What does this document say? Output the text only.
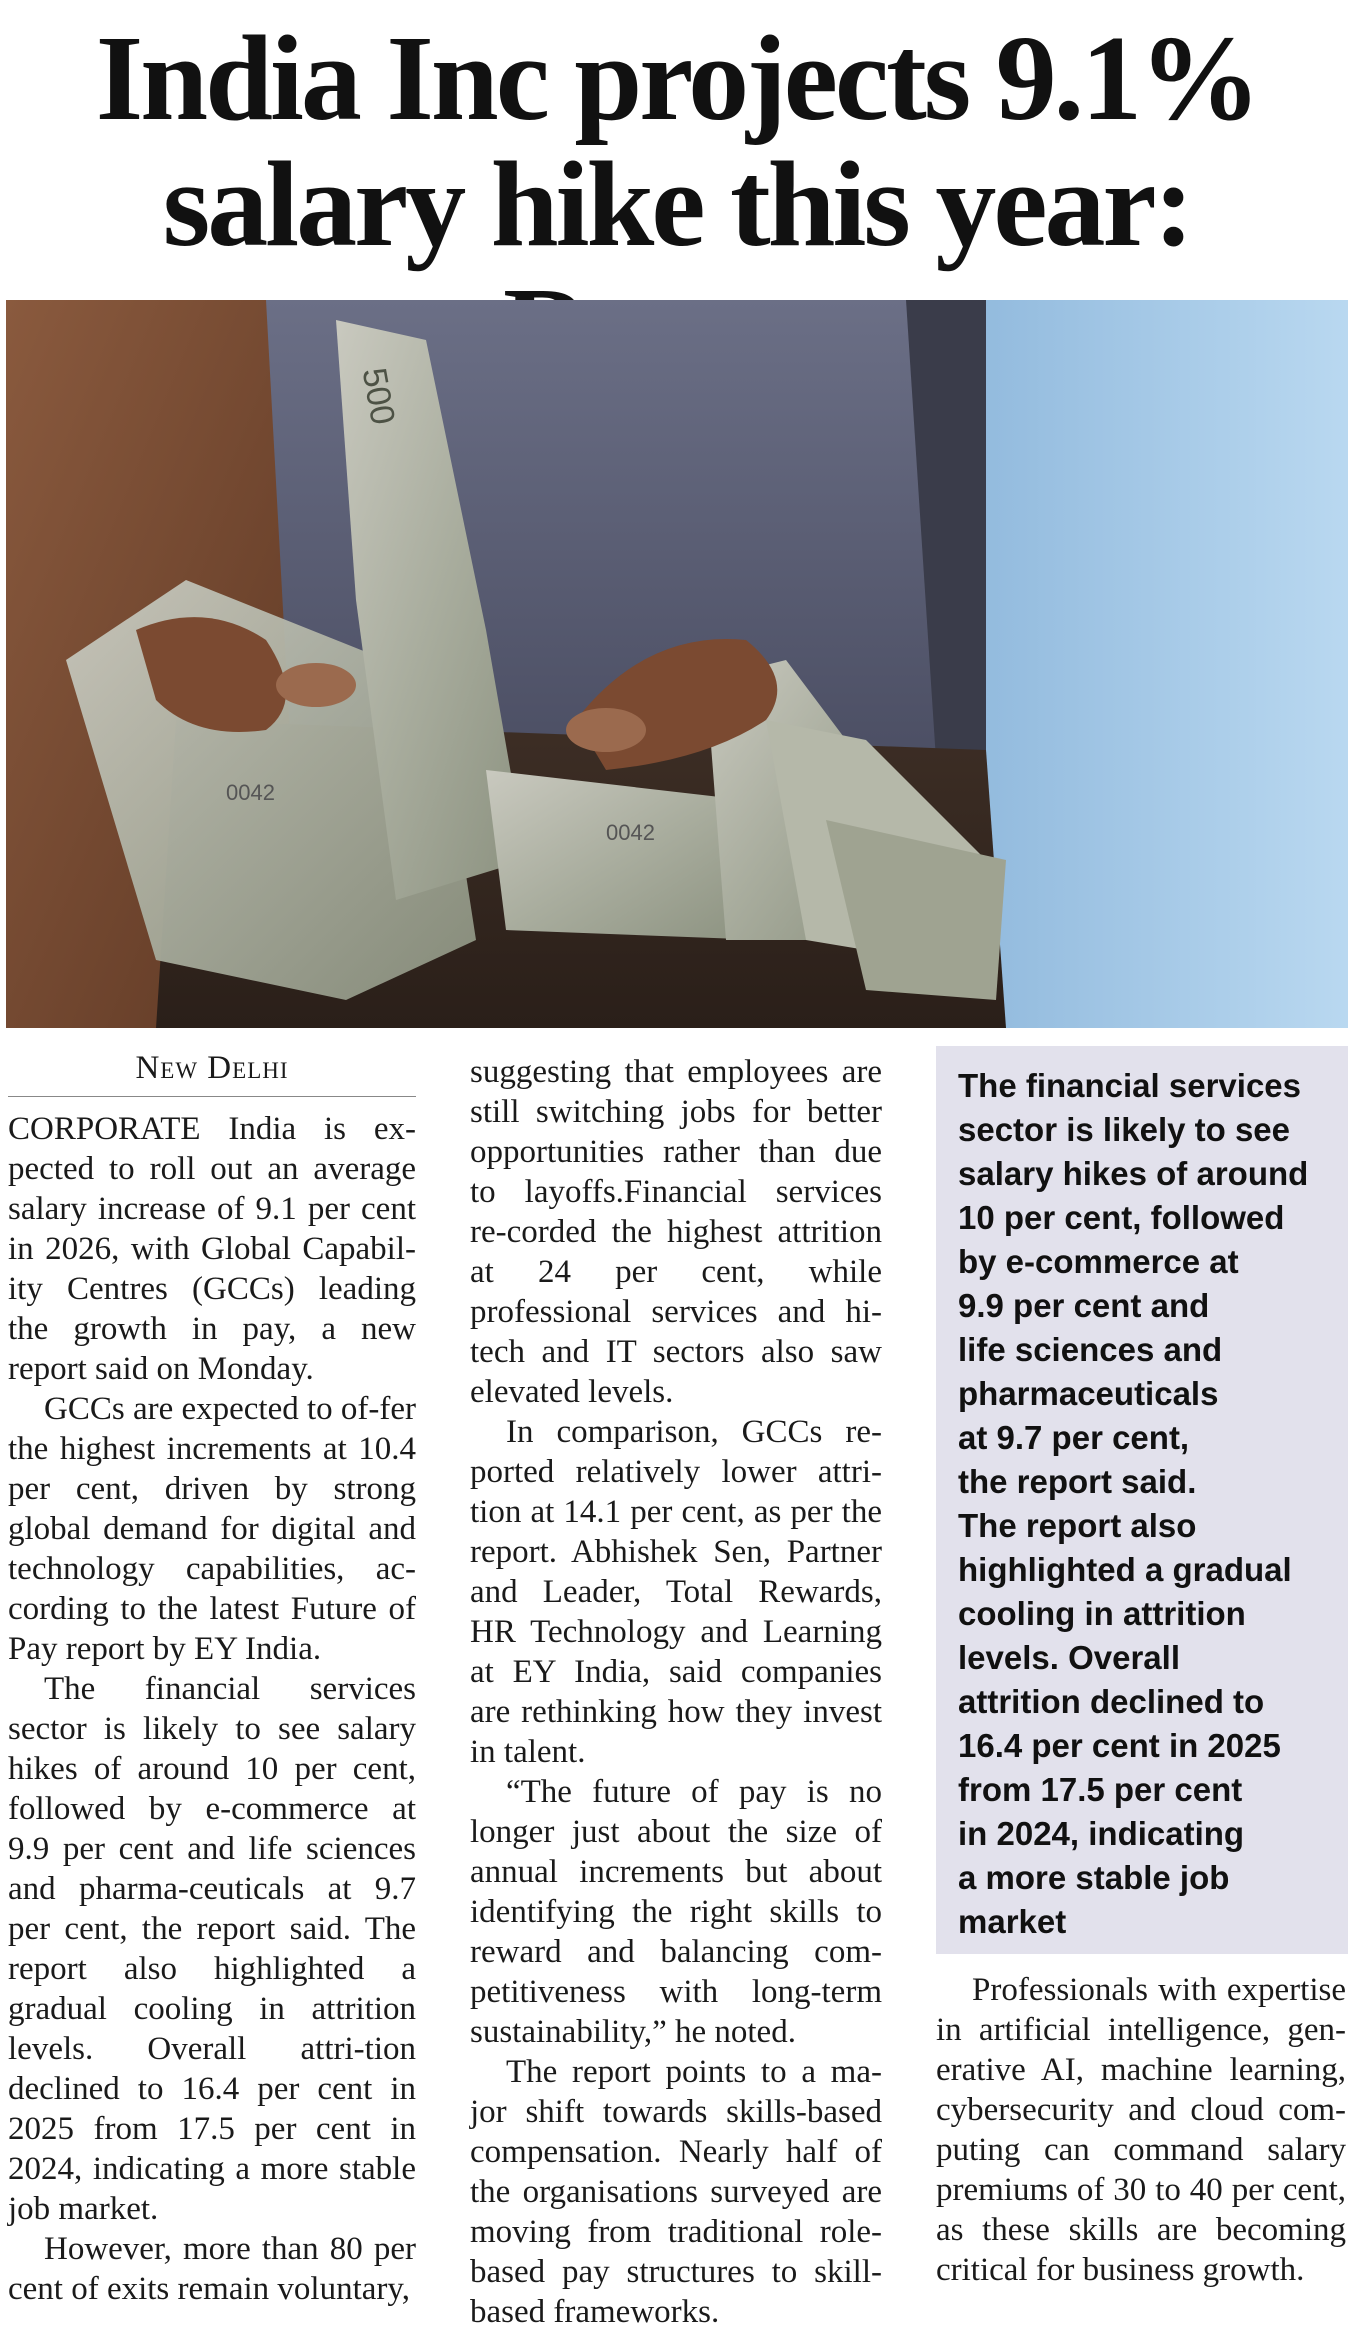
India Inc projects 9.1%
salary hike this year:
500
0042
0042

New Delhi

CORPORATE India is ex-pected to roll out an average salary increase of 9.1 per cent in 2026, with Global Capabil-ity Centres (GCCs) leading the growth in pay, a new report said on Monday.

GCCs are expected to of-fer the highest increments at 10.4 per cent, driven by strong global demand for digital and technology capabilities, ac-cording to the latest Future of Pay report by EY India.

The financial services sector is likely to see salary hikes of around 10 per cent, followed by e-commerce at 9.9 per cent and life sciences and pharma-ceuticals at 9.7 per cent, the report said. The report also highlighted a gradual cooling in attrition levels. Overall attri-tion declined to 16.4 per cent in 2025 from 17.5 per cent in 2024, indicating a more stable job market.

However, more than 80 per cent of exits remain voluntary,

suggesting that employees are still switching jobs for better opportunities rather than due to layoffs.Financial services re-corded the highest attrition at 24 per cent, while professional services and hi-tech and IT sectors also saw elevated levels.

In comparison, GCCs re-ported relatively lower attri-tion at 14.1 per cent, as per the report. Abhishek Sen, Partner and Leader, Total Rewards, HR Technology and Learning at EY India, said companies are rethinking how they invest in talent.

“The future of pay is no longer just about the size of annual increments but about identifying the right skills to reward and balancing com-petitiveness with long-term sustainability,” he noted.

The report points to a ma-jor shift towards skills-based compensation. Nearly half of the organisations surveyed are moving from traditional role-based pay structures to skill-based frameworks.

The financial services
sector is likely to see
salary hikes of around
10 per cent, followed
by e-commerce at
9.9 per cent and
life sciences and
pharmaceuticals
at 9.7 per cent,
the report said.
The report also
highlighted a gradual
cooling in attrition
levels. Overall
attrition declined to
16.4 per cent in 2025
from 17.5 per cent
in 2024, indicating
a more stable job
market

Professionals with expertise in artificial intelligence, gen-erative AI, machine learning, cybersecurity and cloud com-puting can command salary premiums of 30 to 40 per cent, as these skills are becoming critical for business growth.
